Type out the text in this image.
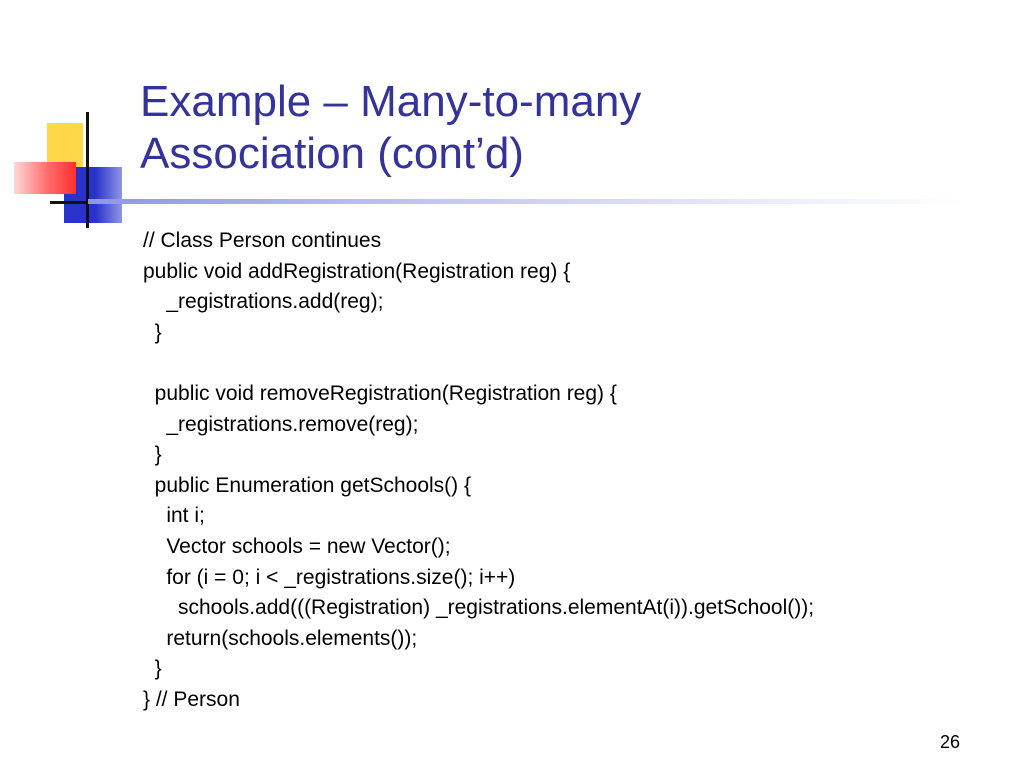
Example – Many-to-many
Association (cont’d)
// Class Person continues
public void addRegistration(Registration reg) {
_registrations.add(reg);
}
public void removeRegistration(Registration reg) {
_registrations.remove(reg);
}
public Enumeration getSchools() {
int i;
Vector schools = new Vector();
for (i = 0; i < _registrations.size(); i++)
schools.add(((Registration) _registrations.elementAt(i)).getSchool());
return(schools.elements());
}
} // Person
26
